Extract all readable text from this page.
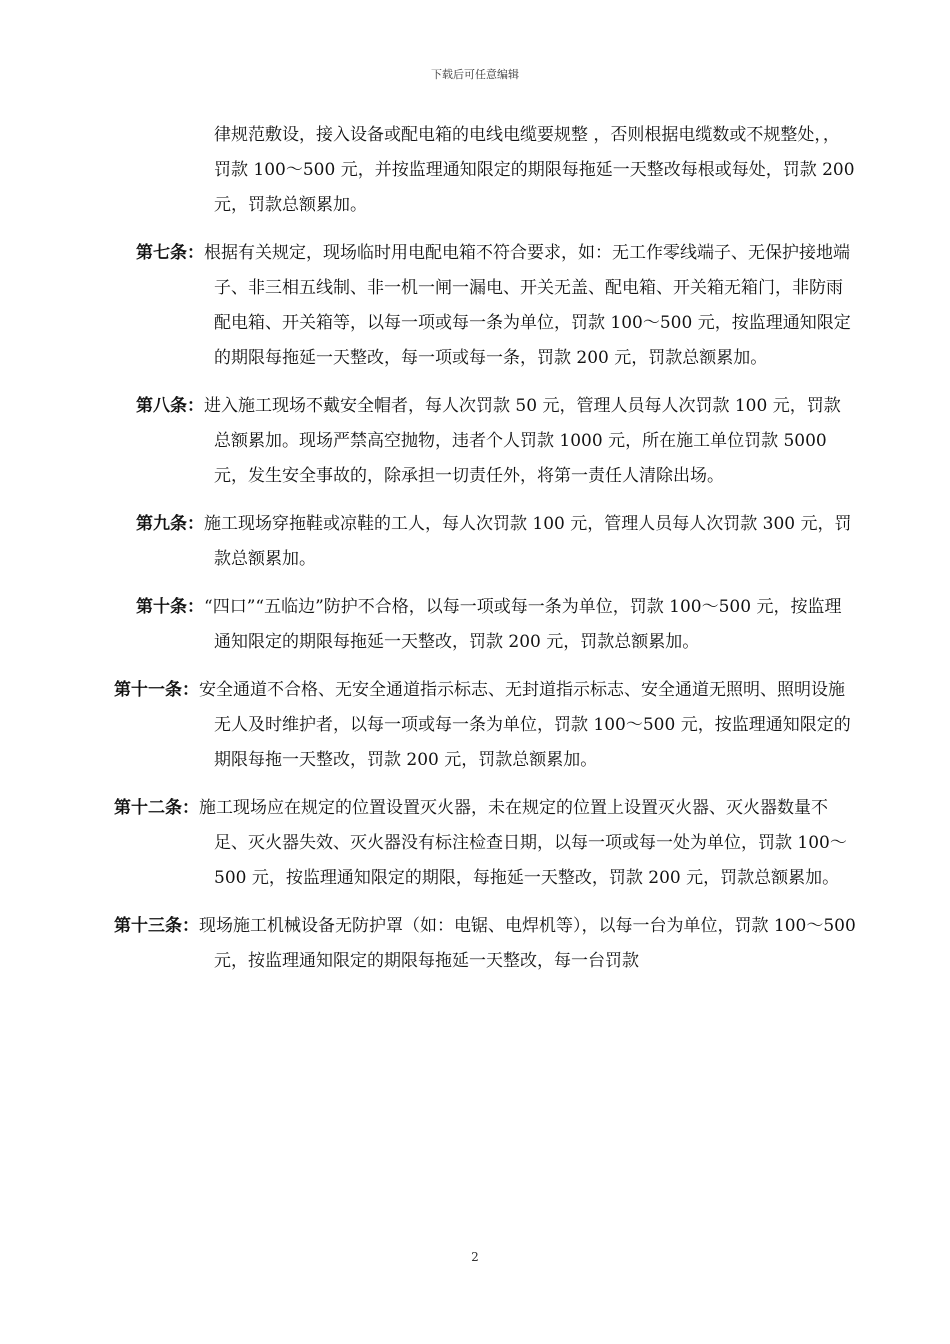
下载后可任意编辑
律规范敷设，接入设备或配电箱的电线电缆要规整 ，否则根据电缆数或不规整处，，罚款 100～500 元，并按监理通知限定的期限每拖延一天整改每根或每处，罚款 200 元，罚款总额累加。
第七条：根据有关规定，现场临时用电配电箱不符合要求，如：无工作零线端子、无保护接地端子、非三相五线制、非一机一闸一漏电、开关无盖、配电箱、开关箱无箱门，非防雨配电箱、开关箱等，以每一项或每一条为单位，罚款 100～500 元，按监理通知限定的期限每拖延一天整改，每一项或每一条，罚款 200 元，罚款总额累加。
第八条：进入施工现场不戴安全帽者，每人次罚款 50 元，管理人员每人次罚款 100 元，罚款总额累加。现场严禁高空抛物，违者个人罚款 1000 元，所在施工单位罚款 5000 元，发生安全事故的，除承担一切责任外，将第一责任人清除出场。
第九条：施工现场穿拖鞋或凉鞋的工人，每人次罚款 100 元，管理人员每人次罚款 300 元，罚款总额累加。
第十条：“四口”“五临边”防护不合格，以每一项或每一条为单位，罚款 100～500 元，按监理通知限定的期限每拖延一天整改，罚款 200 元，罚款总额累加。
第十一条：安全通道不合格、无安全通道指示标志、无封道指示标志、安全通道无照明、照明设施无人及时维护者，以每一项或每一条为单位，罚款 100～500 元，按监理通知限定的期限每拖一天整改，罚款 200 元，罚款总额累加。
第十二条：施工现场应在规定的位置设置灭火器，未在规定的位置上设置灭火器、灭火器数量不足、灭火器失效、灭火器没有标注检查日期，以每一项或每一处为单位，罚款 100～500 元，按监理通知限定的期限，每拖延一天整改，罚款 200 元，罚款总额累加。
第十三条：现场施工机械设备无防护罩（如：电锯、电焊机等），以每一台为单位，罚款 100～500 元，按监理通知限定的期限每拖延一天整改，每一台罚款
2
